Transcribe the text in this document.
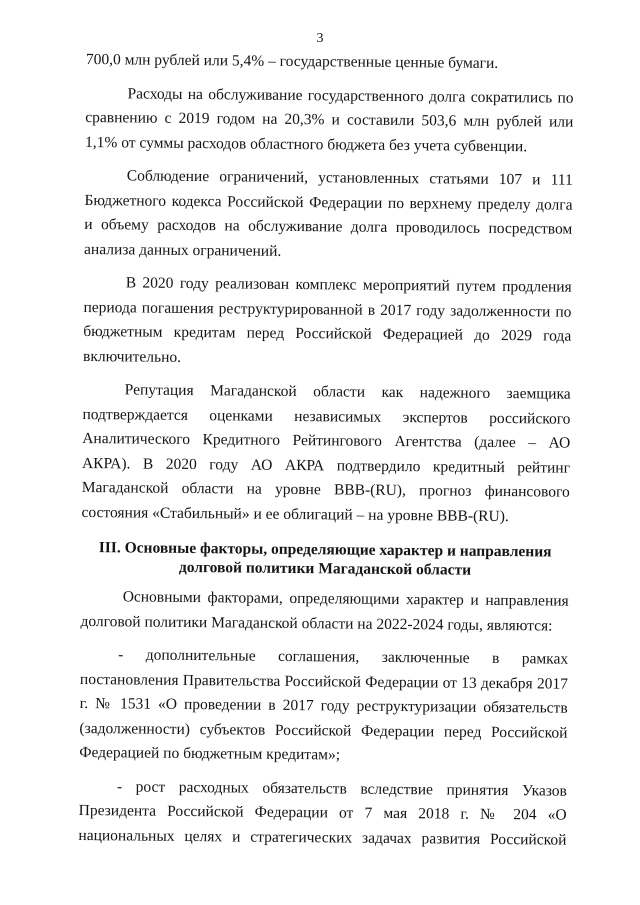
3

700,0 млн рублей или 5,4% – государственные ценные бумаги.

Расходы на обслуживание государственного долга сократились по сравнению с 2019 годом на 20,3% и составили 503,6 млн рублей или 1,1% от суммы расходов областного бюджета без учета субвенции.

Соблюдение ограничений, установленных статьями 107 и 111 Бюджетного кодекса Российской Федерации по верхнему пределу долга и объему расходов на обслуживание долга проводилось посредством анализа данных ограничений.

В 2020 году реализован комплекс мероприятий путем продления периода погашения реструктурированной в 2017 году задолженности по бюджетным кредитам перед Российской Федерацией до 2029 года включительно.

Репутация Магаданской области как надежного заемщика подтверждается оценками независимых экспертов российского Аналитического Кредитного Рейтингового Агентства (далее – АО АКРА). В 2020 году АО АКРА подтвердило кредитный рейтинг Магаданской области на уровне BBB-(RU), прогноз финансового состояния «Стабильный» и ее облигаций – на уровне BBB-(RU).

III. Основные факторы, определяющие характер и направления
долговой политики Магаданской области

Основными факторами, определяющими характер и направления долговой политики Магаданской области на 2022-2024 годы, являются:

- дополнительные соглашения, заключенные в рамках постановления Правительства Российской Федерации от 13 декабря 2017 г. № 1531 «О проведении в 2017 году реструктуризации обязательств (задолженности) субъектов Российской Федерации перед Российской Федерацией по бюджетным кредитам»;

- рост расходных обязательств вследствие принятия Указов Президента Российской Федерации от 7 мая 2018 г. № 204 «О национальных целях и стратегических задачах развития Российской
